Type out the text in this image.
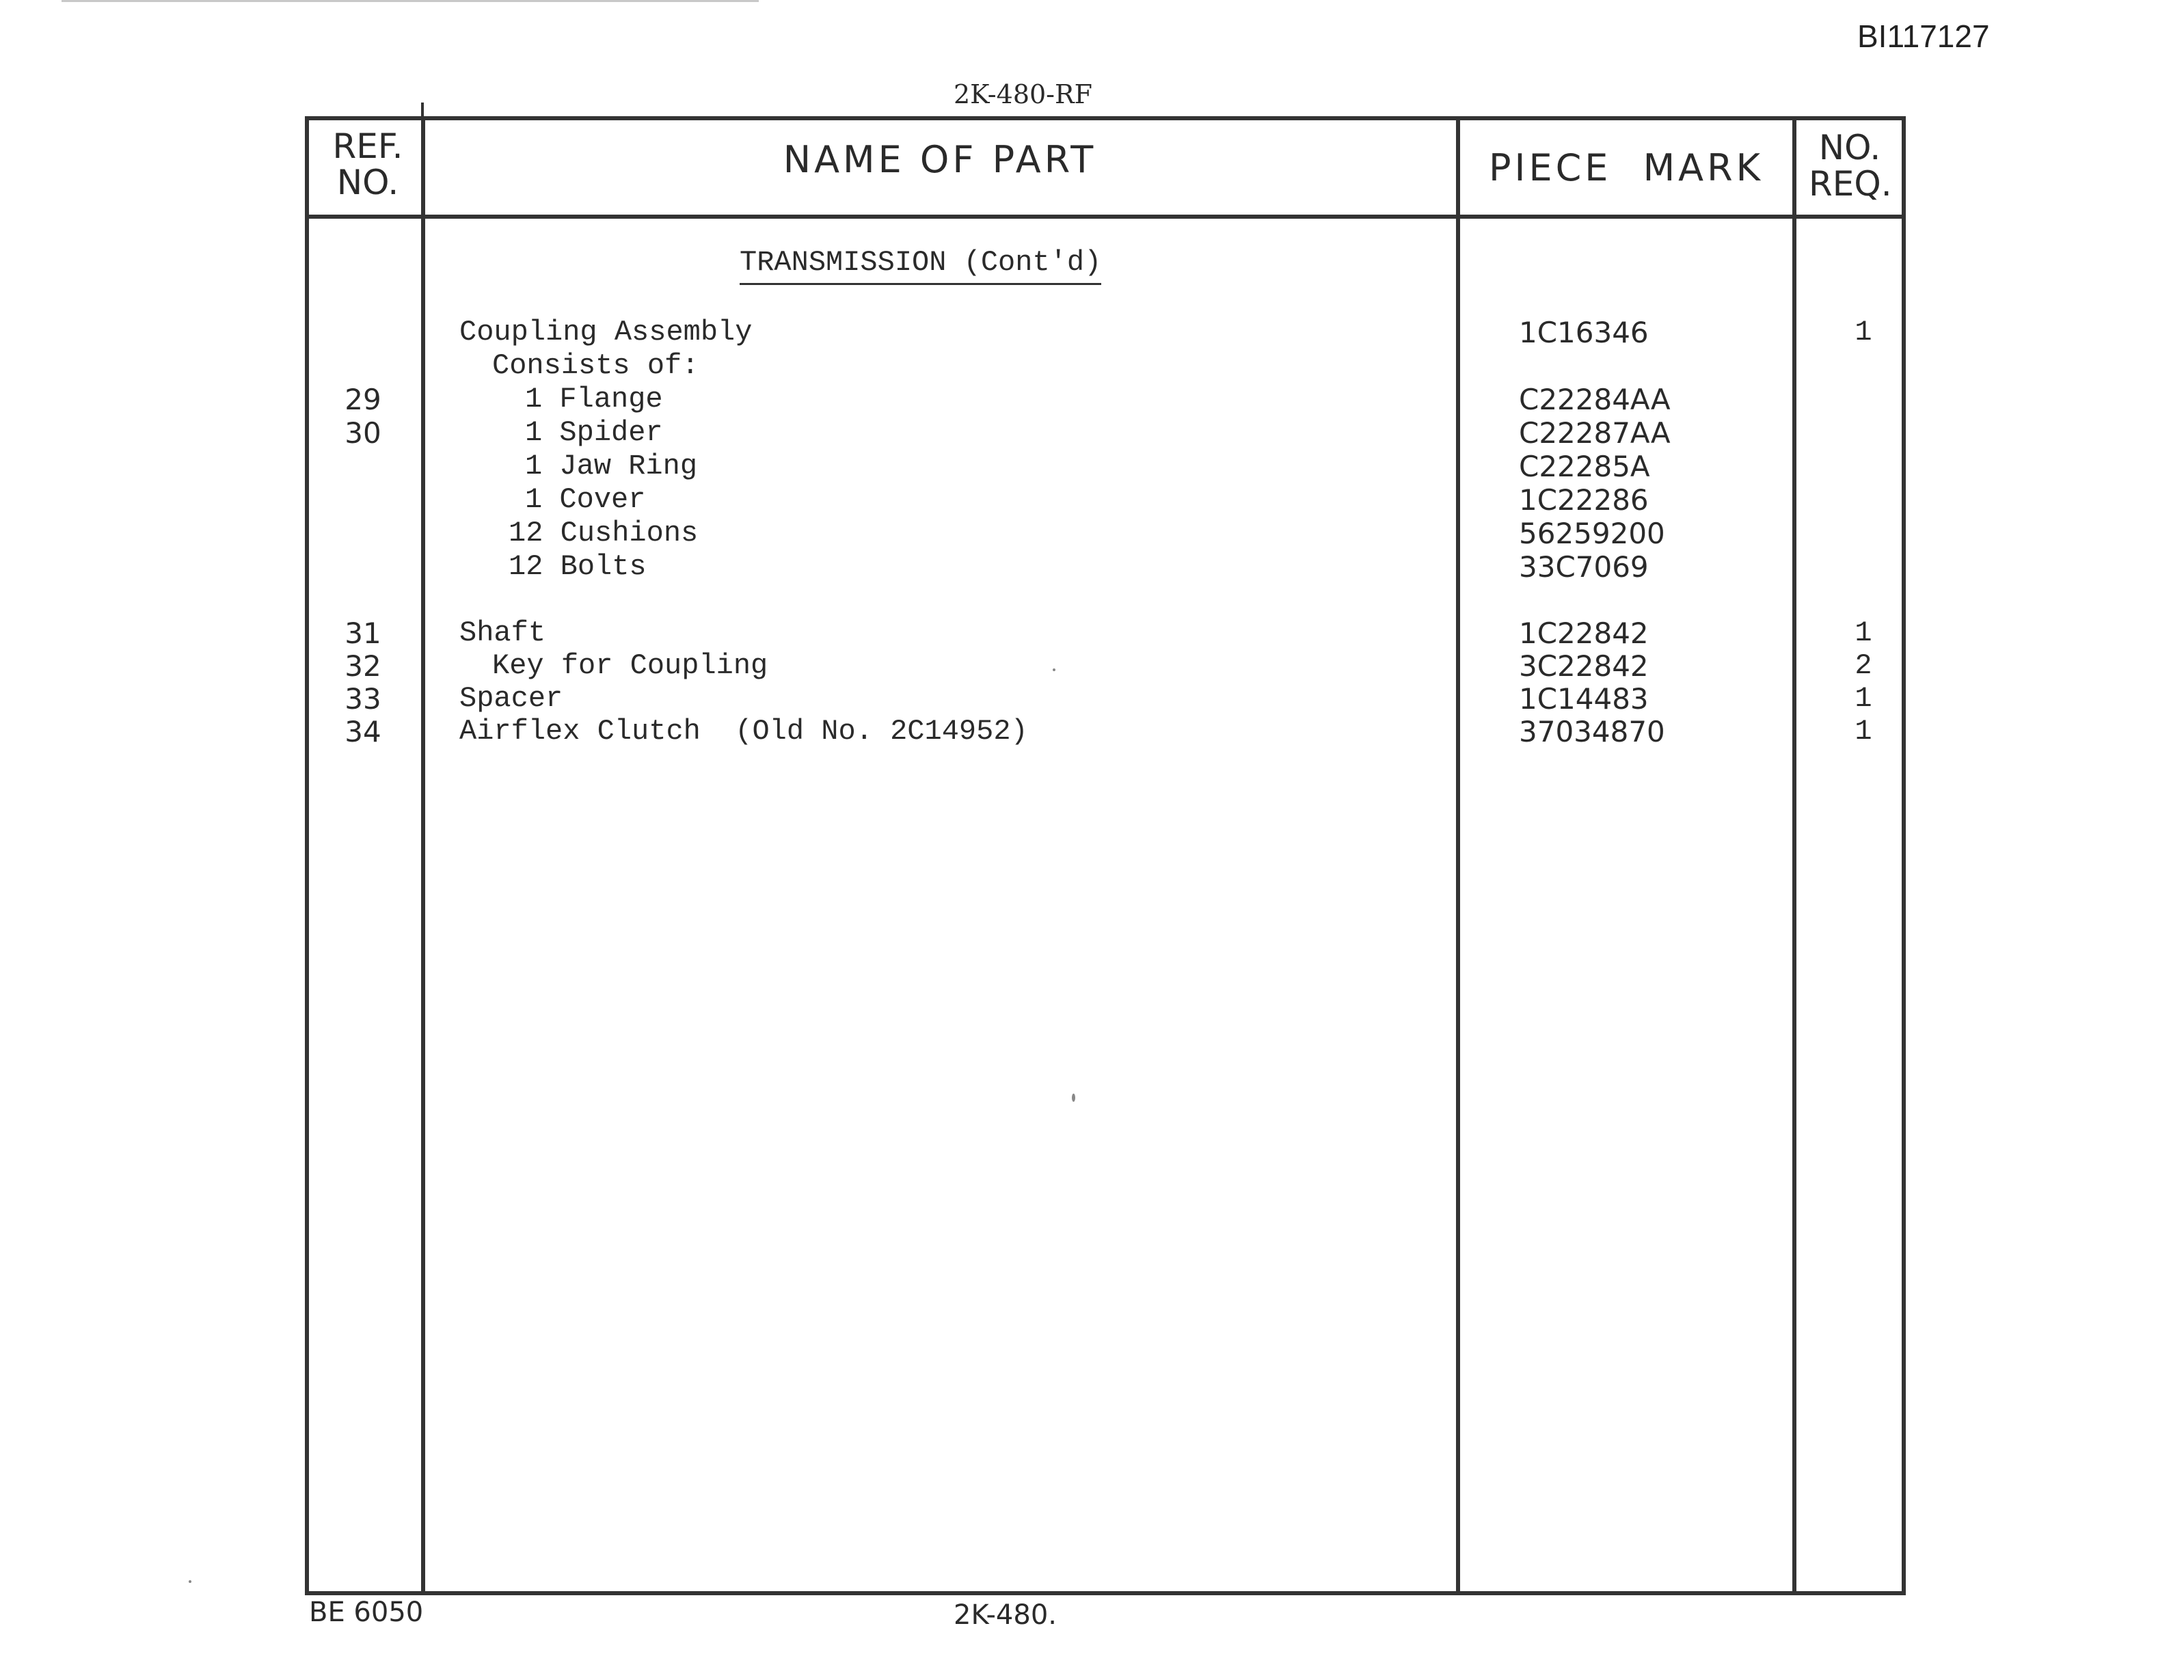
BI117127
2K-480-RF
REF. NO.
NAME OF PART	PIECE MARK	NO. REQ.
TRANSMISSION (Cont'd)
Coupling Assembly	1C16346	1
Consists of:
29	1 Flange	C22284AA
30	1 Spider	C22287AA
1 Jaw Ring	C22285A
1 Cover	1C22286
12 Cushions	56259200
12 Bolts	33C7069
31	Shaft	1C22842	1
32	Key for Coupling	3C22842	2
33	Spacer	1C14483	1
34	Airflex Clutch  (Old No. 2C14952)	37034870	1
BE 6050	2K-480.
